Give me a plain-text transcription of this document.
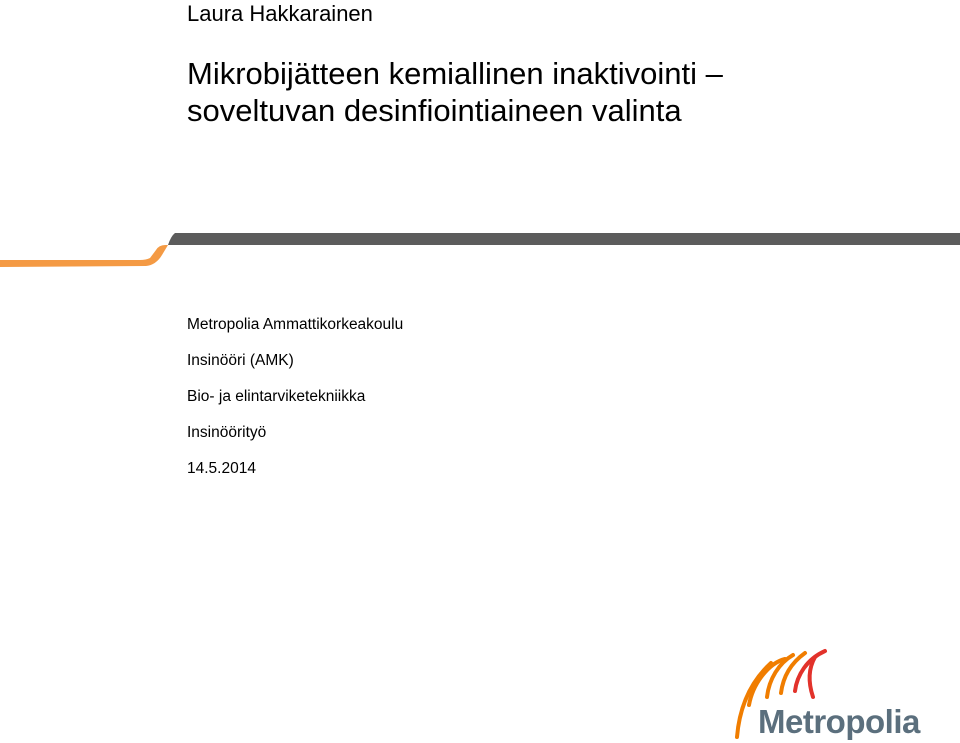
Laura Hakkarainen
Mikrobijätteen kemiallinen inaktivointi –
soveltuvan desinfiointiaineen valinta
Metropolia Ammattikorkeakoulu
Insinööri (AMK)
Bio- ja elintarviketekniikka
Insinöörityö
14.5.2014
Metropolia
